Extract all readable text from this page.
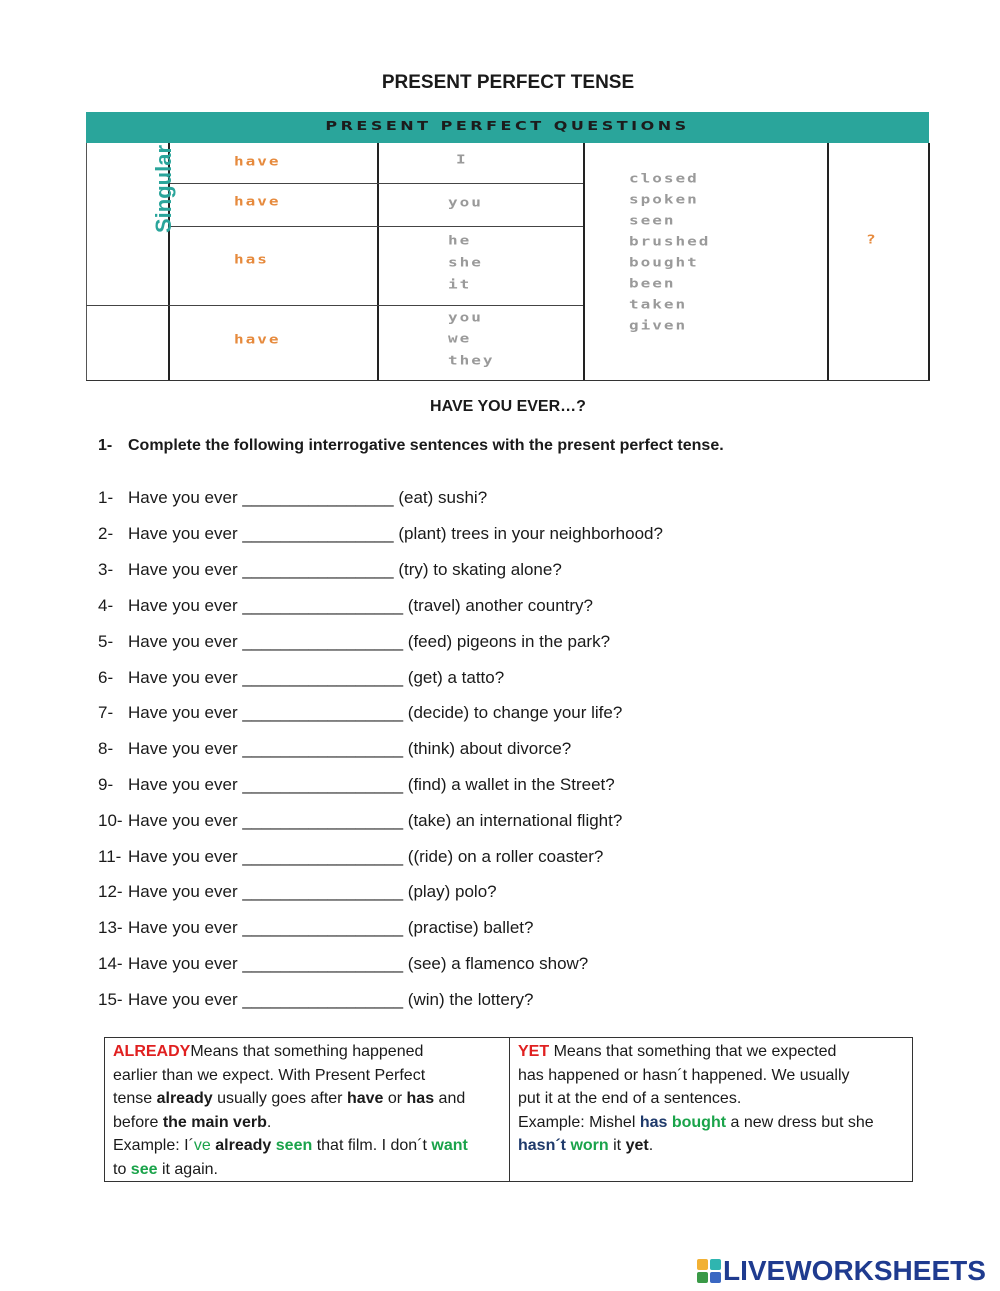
PRESENT PERFECT TENSE
PRESENT PERFECT QUESTIONS
Singular	have
have
has
have
I
you
he
she
it
you
we
they
closed
spoken
seen
brushed
bought
been
taken
given
?
HAVE YOU EVER…?
1- Complete the following interrogative sentences with the present perfect tense.
1- Have you ever ________________ (eat) sushi?
2- Have you ever ________________ (plant) trees in your neighborhood?
3- Have you ever ________________ (try) to skating alone?
4- Have you ever _________________ (travel) another country?
5- Have you ever _________________ (feed) pigeons in the park?
6- Have you ever _________________ (get) a tatto?
7- Have you ever _________________ (decide) to change your life?
8- Have you ever _________________ (think) about divorce?
9- Have you ever _________________ (find) a wallet in the Street?
10- Have you ever _________________ (take) an international flight?
11- Have you ever _________________ ((ride) on a roller coaster?
12- Have you ever _________________ (play) polo?
13- Have you ever _________________ (practise) ballet?
14- Have you ever _________________ (see) a flamenco show?
15- Have you ever _________________ (win) the lottery?
ALREADYMeans that something happened
earlier than we expect. With Present Perfect
tense already usually goes after have or has and
before the main verb.
Example: I´ve already seen that film. I don´t want
to see it again.
YET Means that something that we expected
has happened or hasn´t happened. We usually
put it at the end of a sentences.
Example: Mishel has bought a new dress but she
hasn´t worn it yet.
LIVEWORKSHEETS
